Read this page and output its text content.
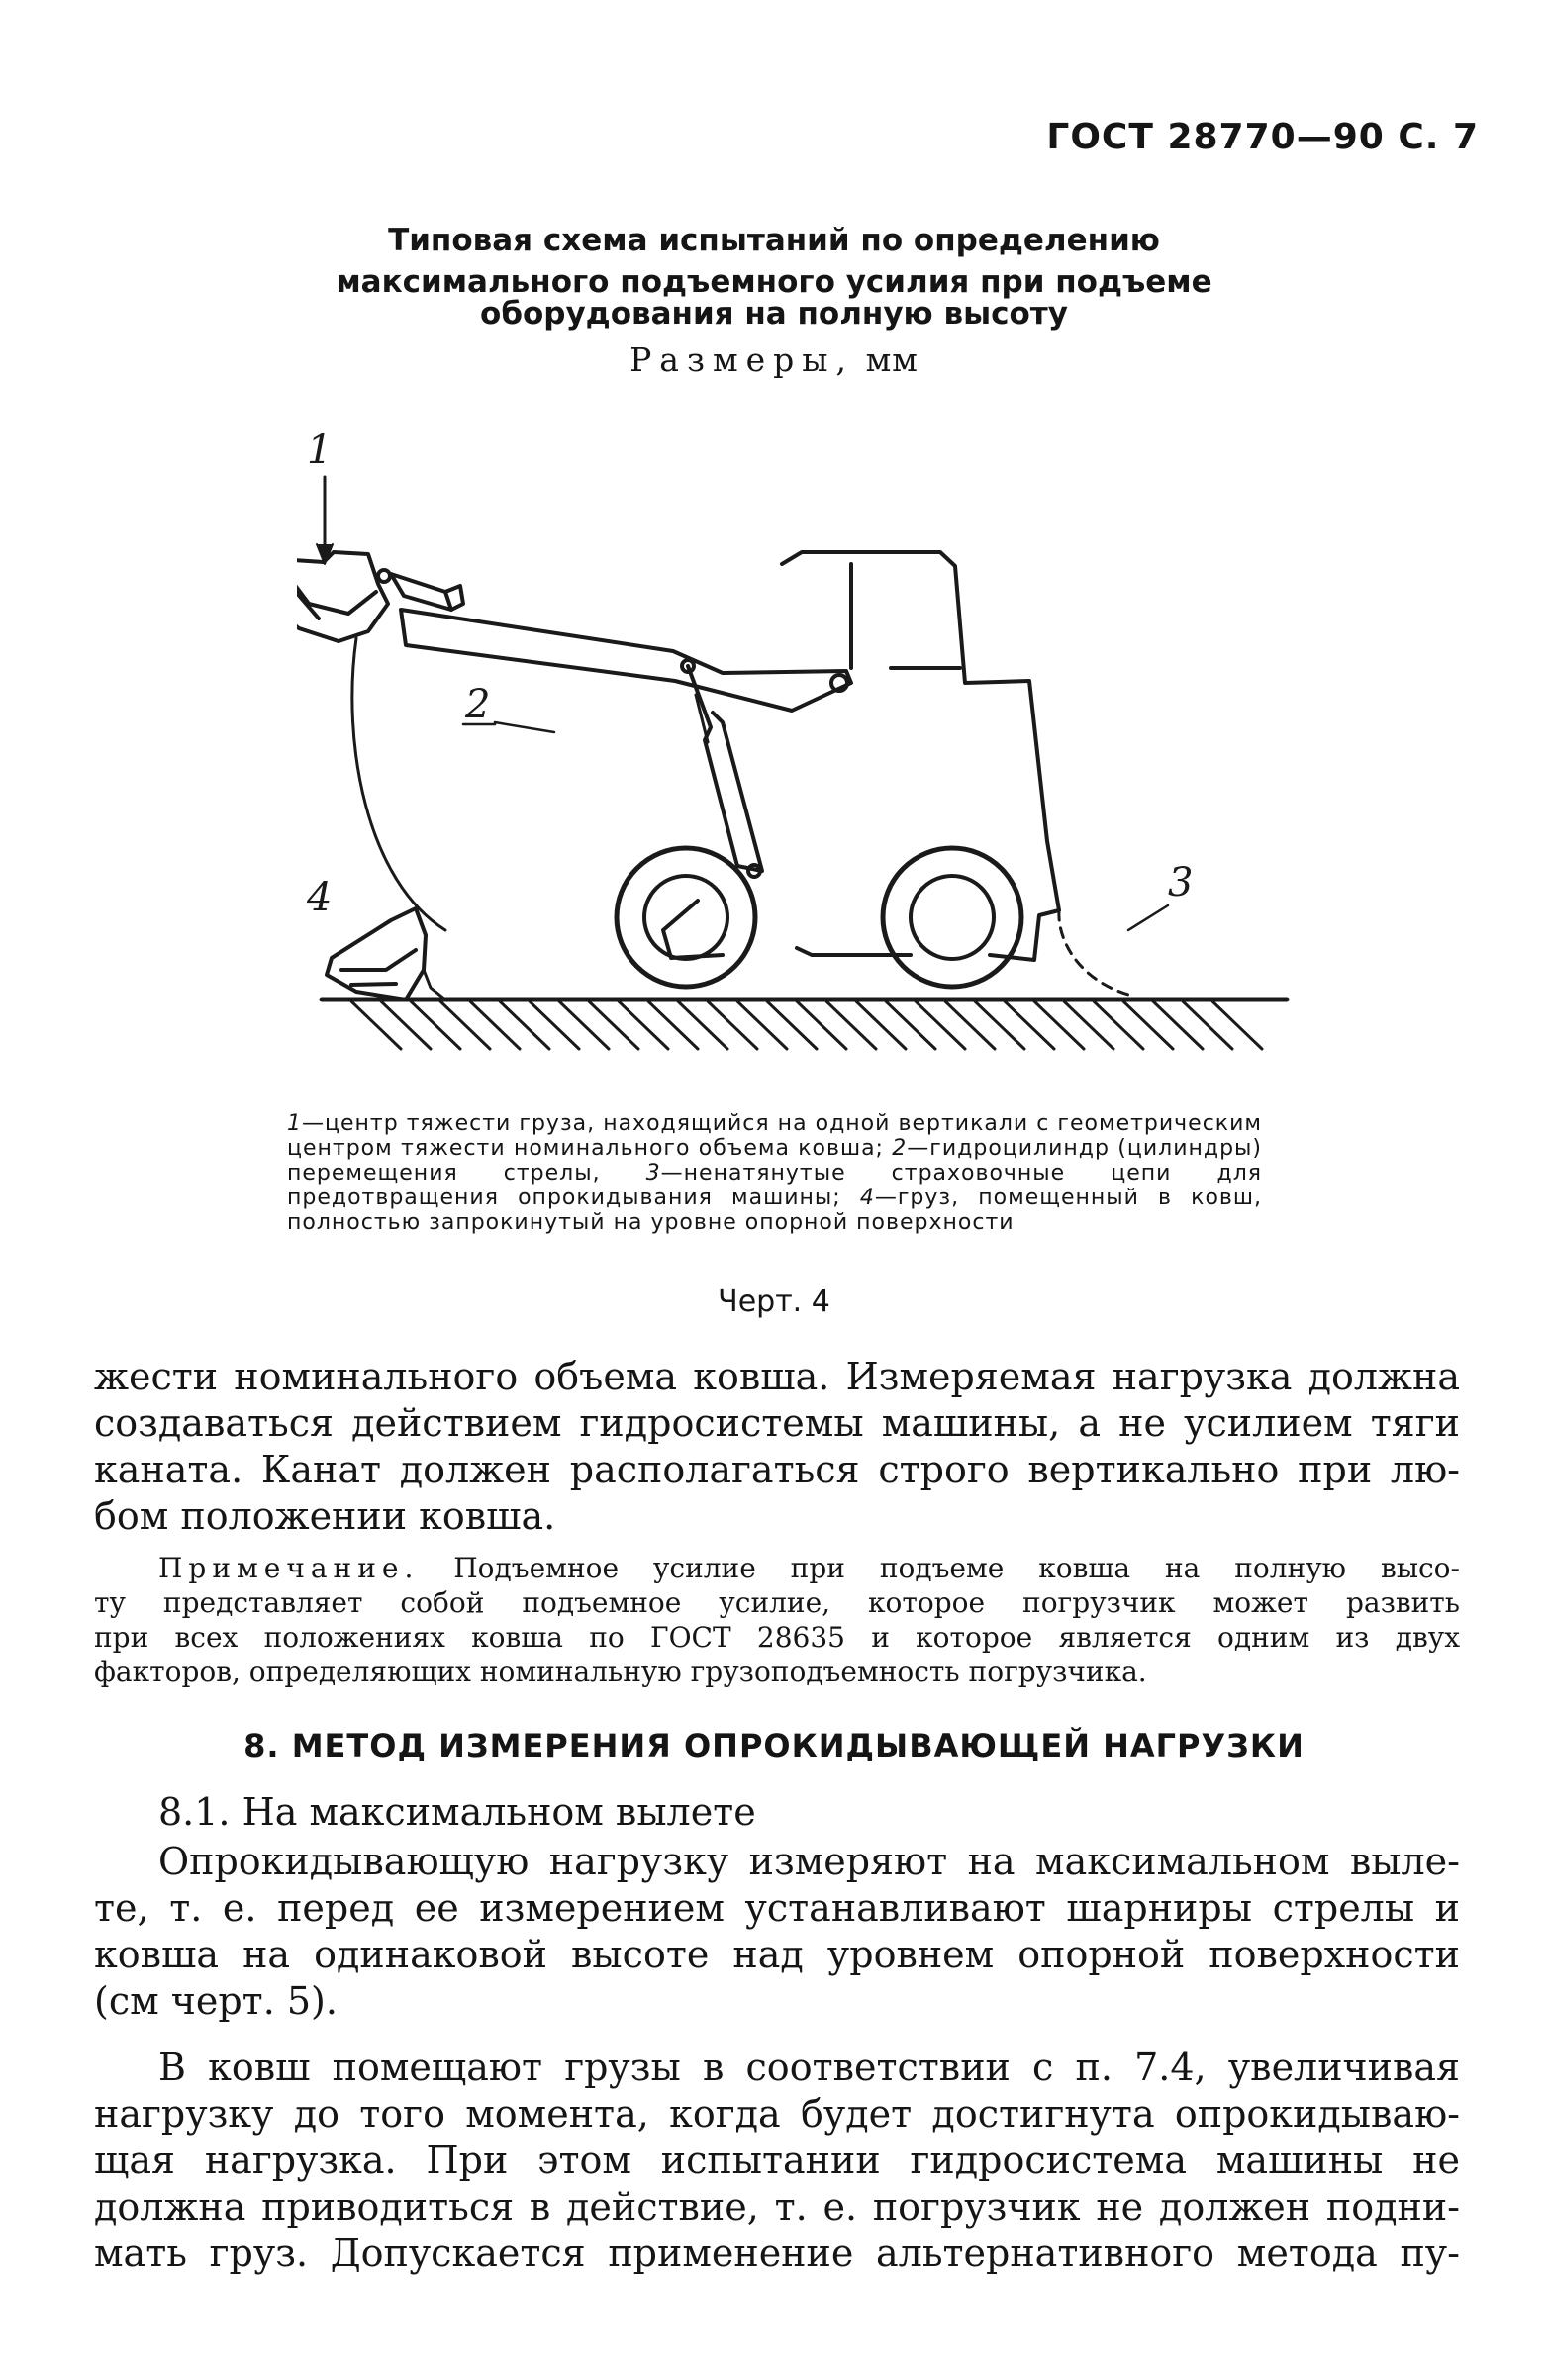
ГОСТ 28770—90 С. 7
Типовая схема испытаний по определению
максимального подъемного усилия при подъеме
оборудования на полную высоту
Размеры, мм
1
2
3
4
1—центр тяжести груза, находящийся на одной вертикали с геометрическим центром тяжести номинального объема ковша; 2—гидроцилиндр (цилиндры) перемещения стрелы, 3—ненатянутые страховочные цепи для предотвращения опрокидывания машины; 4—груз, помещенный в ковш, полностью запрокинутый на уровне опорной поверхности
Черт. 4
жести номинального объема ковша. Измеряемая нагрузка должна
создаваться действием гидросистемы машины, а не усилием тяги
каната. Канат должен располагаться строго вертикально при лю-
бом положении ковша.
Примечание. Подъемное усилие при подъеме ковша на полную высо-
ту представляет собой подъемное усилие, которое погрузчик может развить
при всех положениях ковша по ГОСТ 28635 и которое является одним из двух
факторов, определяющих номинальную грузоподъемность погрузчика.
8. МЕТОД ИЗМЕРЕНИЯ ОПРОКИДЫВАЮЩЕЙ НАГРУЗКИ
8.1. На максимальном вылете
Опрокидывающую нагрузку измеряют на максимальном выле-
те, т. е. перед ее измерением устанавливают шарниры стрелы и
ковша на одинаковой высоте над уровнем опорной поверхности
(см черт. 5).
В ковш помещают грузы в соответствии с п. 7.4, увеличивая
нагрузку до того момента, когда будет достигнута опрокидываю-
щая нагрузка. При этом испытании гидросистема машины не
должна приводиться в действие, т. е. погрузчик не должен подни-
мать груз. Допускается применение альтернативного метода пу-
